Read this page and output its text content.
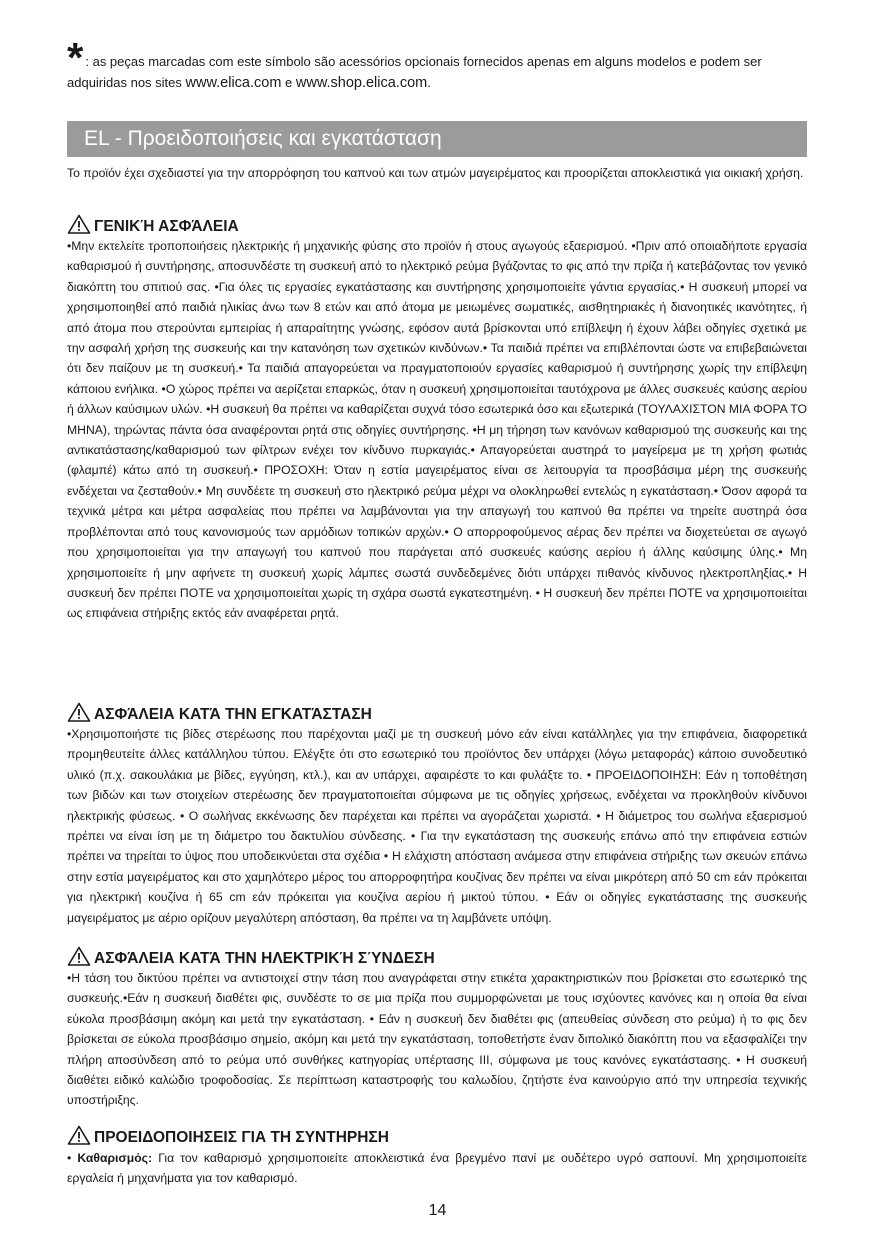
* : as peças marcadas com este símbolo são acessórios opcionais fornecidos apenas em alguns modelos e podem ser adquiridas nos sites www.elica.com e www.shop.elica.com.
EL - Προειδοποιήσεις και εγκατάσταση

Το προϊόν έχει σχεδιαστεί για την απορρόφηση του καπνού και των ατμών μαγειρέματος και προορίζεται αποκλειστικά για οικιακή χρήση.

ΓΕΝΙΚΉ ΑΣΦΆΛΕΙΑ

•Μην εκτελείτε τροποποιήσεις ηλεκτρικής ή μηχανικής φύσης στο προϊόν ή στους αγωγούς εξαερισμού. •Πριν από οποιαδήποτε εργασία καθαρισμού ή συντήρησης, αποσυνδέστε τη συσκευή από το ηλεκτρικό ρεύμα βγάζοντας το φις από την πρίζα ή κατεβάζοντας τον γενικό διακόπτη του σπιτιού σας. •Για όλες τις εργασίες εγκατάστασης και συντήρησης χρησιμοποιείτε γάντια εργασίας.• Η συσκευή μπορεί να χρησιμοποιηθεί από παιδιά ηλικίας άνω των 8 ετών και από άτομα με μειωμένες σωματικές, αισθητηριακές ή διανοητικές ικανότητες, ή από άτομα που στερούνται εμπειρίας ή απαραίτητης γνώσης, εφόσον αυτά βρίσκονται υπό επίβλεψη ή έχουν λάβει οδηγίες σχετικά με την ασφαλή χρήση της συσκευής και την κατανόηση των σχετικών κινδύνων.• Τα παιδιά πρέπει να επιβλέπονται ώστε να επιβεβαιώνεται ότι δεν παίζουν με τη συσκευή.• Τα παιδιά απαγορεύεται να πραγματοποιούν εργασίες καθαρισμού ή συντήρησης χωρίς την επίβλεψη κάποιου ενήλικα. •Ο χώρος πρέπει να αερίζεται επαρκώς, όταν η συσκευή χρησιμοποιείται ταυτόχρονα με άλλες συσκευές καύσης αερίου ή άλλων καύσιμων υλών. •Η συσκευή θα πρέπει να καθαρίζεται συχνά τόσο εσωτερικά όσο και εξωτερικά (ΤΟΥΛΑΧΙΣΤΟΝ ΜΙΑ ΦΟΡΑ ΤΟ ΜΗΝΑ), τηρώντας πάντα όσα αναφέρονται ρητά στις οδηγίες συντήρησης. •Η μη τήρηση των κανόνων καθαρισμού της συσκευής και της αντικατάστασης/καθαρισμού των φίλτρων ενέχει τον κίνδυνο πυρκαγιάς.• Απαγορεύεται αυστηρά το μαγείρεμα με τη χρήση φωτιάς (φλαμπέ) κάτω από τη συσκευή.• ΠΡΟΣΟΧΗ: Όταν η εστία μαγειρέματος είναι σε λειτουργία τα προσβάσιμα μέρη της συσκευής ενδέχεται να ζεσταθούν.• Μη συνδέετε τη συσκευή στο ηλεκτρικό ρεύμα μέχρι να ολοκληρωθεί εντελώς η εγκατάσταση.• Όσον αφορά τα τεχνικά μέτρα και μέτρα ασφαλείας που πρέπει να λαμβάνονται για την απαγωγή του καπνού θα πρέπει να τηρείτε αυστηρά όσα προβλέπονται από τους κανονισμούς των αρμόδιων τοπικών αρχών.• Ο απορροφούμενος αέρας δεν πρέπει να διοχετεύεται σε αγωγό που χρησιμοποιείται για την απαγωγή του καπνού που παράγεται από συσκευές καύσης αερίου ή άλλης καύσιμης ύλης.• Μη χρησιμοποιείτε ή μην αφήνετε τη συσκευή χωρίς λάμπες σωστά συνδεδεμένες διότι υπάρχει πιθανός κίνδυνος ηλεκτροπληξίας.• Η συσκευή δεν πρέπει ΠΟΤΕ να χρησιμοποιείται χωρίς τη σχάρα σωστά εγκατεστημένη. • Η συσκευή δεν πρέπει ΠΟΤΕ να χρησιμοποιείται ως επιφάνεια στήριξης εκτός εάν αναφέρεται ρητά.

ΑΣΦΆΛΕΙΑ ΚΑΤΆ ΤΗΝ ΕΓΚΑΤΆΣΤΑΣΗ

•Χρησιμοποιήστε τις βίδες στερέωσης που παρέχονται μαζί με τη συσκευή μόνο εάν είναι κατάλληλες για την επιφάνεια, διαφορετικά προμηθευτείτε άλλες κατάλληλου τύπου. Ελέγξτε ότι στο εσωτερικό του προϊόντος δεν υπάρχει (λόγω μεταφοράς) κάποιο συνοδευτικό υλικό (π.χ. σακουλάκια με βίδες, εγγύηση, κτλ.), και αν υπάρχει, αφαιρέστε το και φυλάξτε το. • ΠΡΟΕΙΔΟΠΟΙΗΣΗ: Εάν η τοποθέτηση των βιδών και των στοιχείων στερέωσης δεν πραγματοποιείται σύμφωνα με τις οδηγίες χρήσεως, ενδέχεται να προκληθούν κίνδυνοι ηλεκτρικής φύσεως. • Ο σωλήνας εκκένωσης δεν παρέχεται και πρέπει να αγοράζεται χωριστά. • Η διάμετρος του σωλήνα εξαερισμού πρέπει να είναι ίση με τη διάμετρο του δακτυλίου σύνδεσης. • Για την εγκατάσταση της συσκευής επάνω από την επιφάνεια εστιών πρέπει να τηρείται το ύψος που υποδεικνύεται στα σχέδια • Η ελάχιστη απόσταση ανάμεσα στην επιφάνεια στήριξης των σκευών επάνω στην εστία μαγειρέματος και στο χαμηλότερο μέρος του απορροφητήρα κουζίνας δεν πρέπει να είναι μικρότερη από 50 cm εάν πρόκειται για ηλεκτρική κουζίνα ή 65 cm εάν πρόκειται για κουζίνα αερίου ή μικτού τύπου. • Εάν οι οδηγίες εγκατάστασης της συσκευής μαγειρέματος με αέριο ορίζουν μεγαλύτερη απόσταση, θα πρέπει να τη λαμβάνετε υπόψη.

ΑΣΦΆΛΕΙΑ ΚΑΤΆ ΤΗΝ ΗΛΕΚΤΡΙΚΉ ΣΎΝΔΕΣΗ

•Η τάση του δικτύου πρέπει να αντιστοιχεί στην τάση που αναγράφεται στην ετικέτα χαρακτηριστικών που βρίσκεται στο εσωτερικό της συσκευής.•Εάν η συσκευή διαθέτει φις, συνδέστε το σε μια πρίζα που συμμορφώνεται με τους ισχύοντες κανόνες και η οποία θα είναι εύκολα προσβάσιμη ακόμη και μετά την εγκατάσταση. • Εάν η συσκευή δεν διαθέτει φις (απευθείας σύνδεση στο ρεύμα) ή το φις δεν βρίσκεται σε εύκολα προσβάσιμο σημείο, ακόμη και μετά την εγκατάσταση, τοποθετήστε έναν διπολικό διακόπτη που να εξασφαλίζει την πλήρη αποσύνδεση από το ρεύμα υπό συνθήκες κατηγορίας υπέρτασης III, σύμφωνα με τους κανόνες εγκατάστασης. • Η συσκευή διαθέτει ειδικό καλώδιο τροφοδοσίας. Σε περίπτωση καταστροφής του καλωδίου, ζητήστε ένα καινούργιο από την υπηρεσία τεχνικής υποστήριξης.

ΠΡΟΕΙΔΟΠΟΙΗΣΕΙΣ ΓΙΑ ΤΗ ΣΥΝΤΗΡΗΣΗ

• Καθαρισμός: Για τον καθαρισμό χρησιμοποιείτε αποκλειστικά ένα βρεγμένο πανί με ουδέτερο υγρό σαπουνί. Μη χρησιμοποιείτε εργαλεία ή μηχανήματα για τον καθαρισμό.

14
